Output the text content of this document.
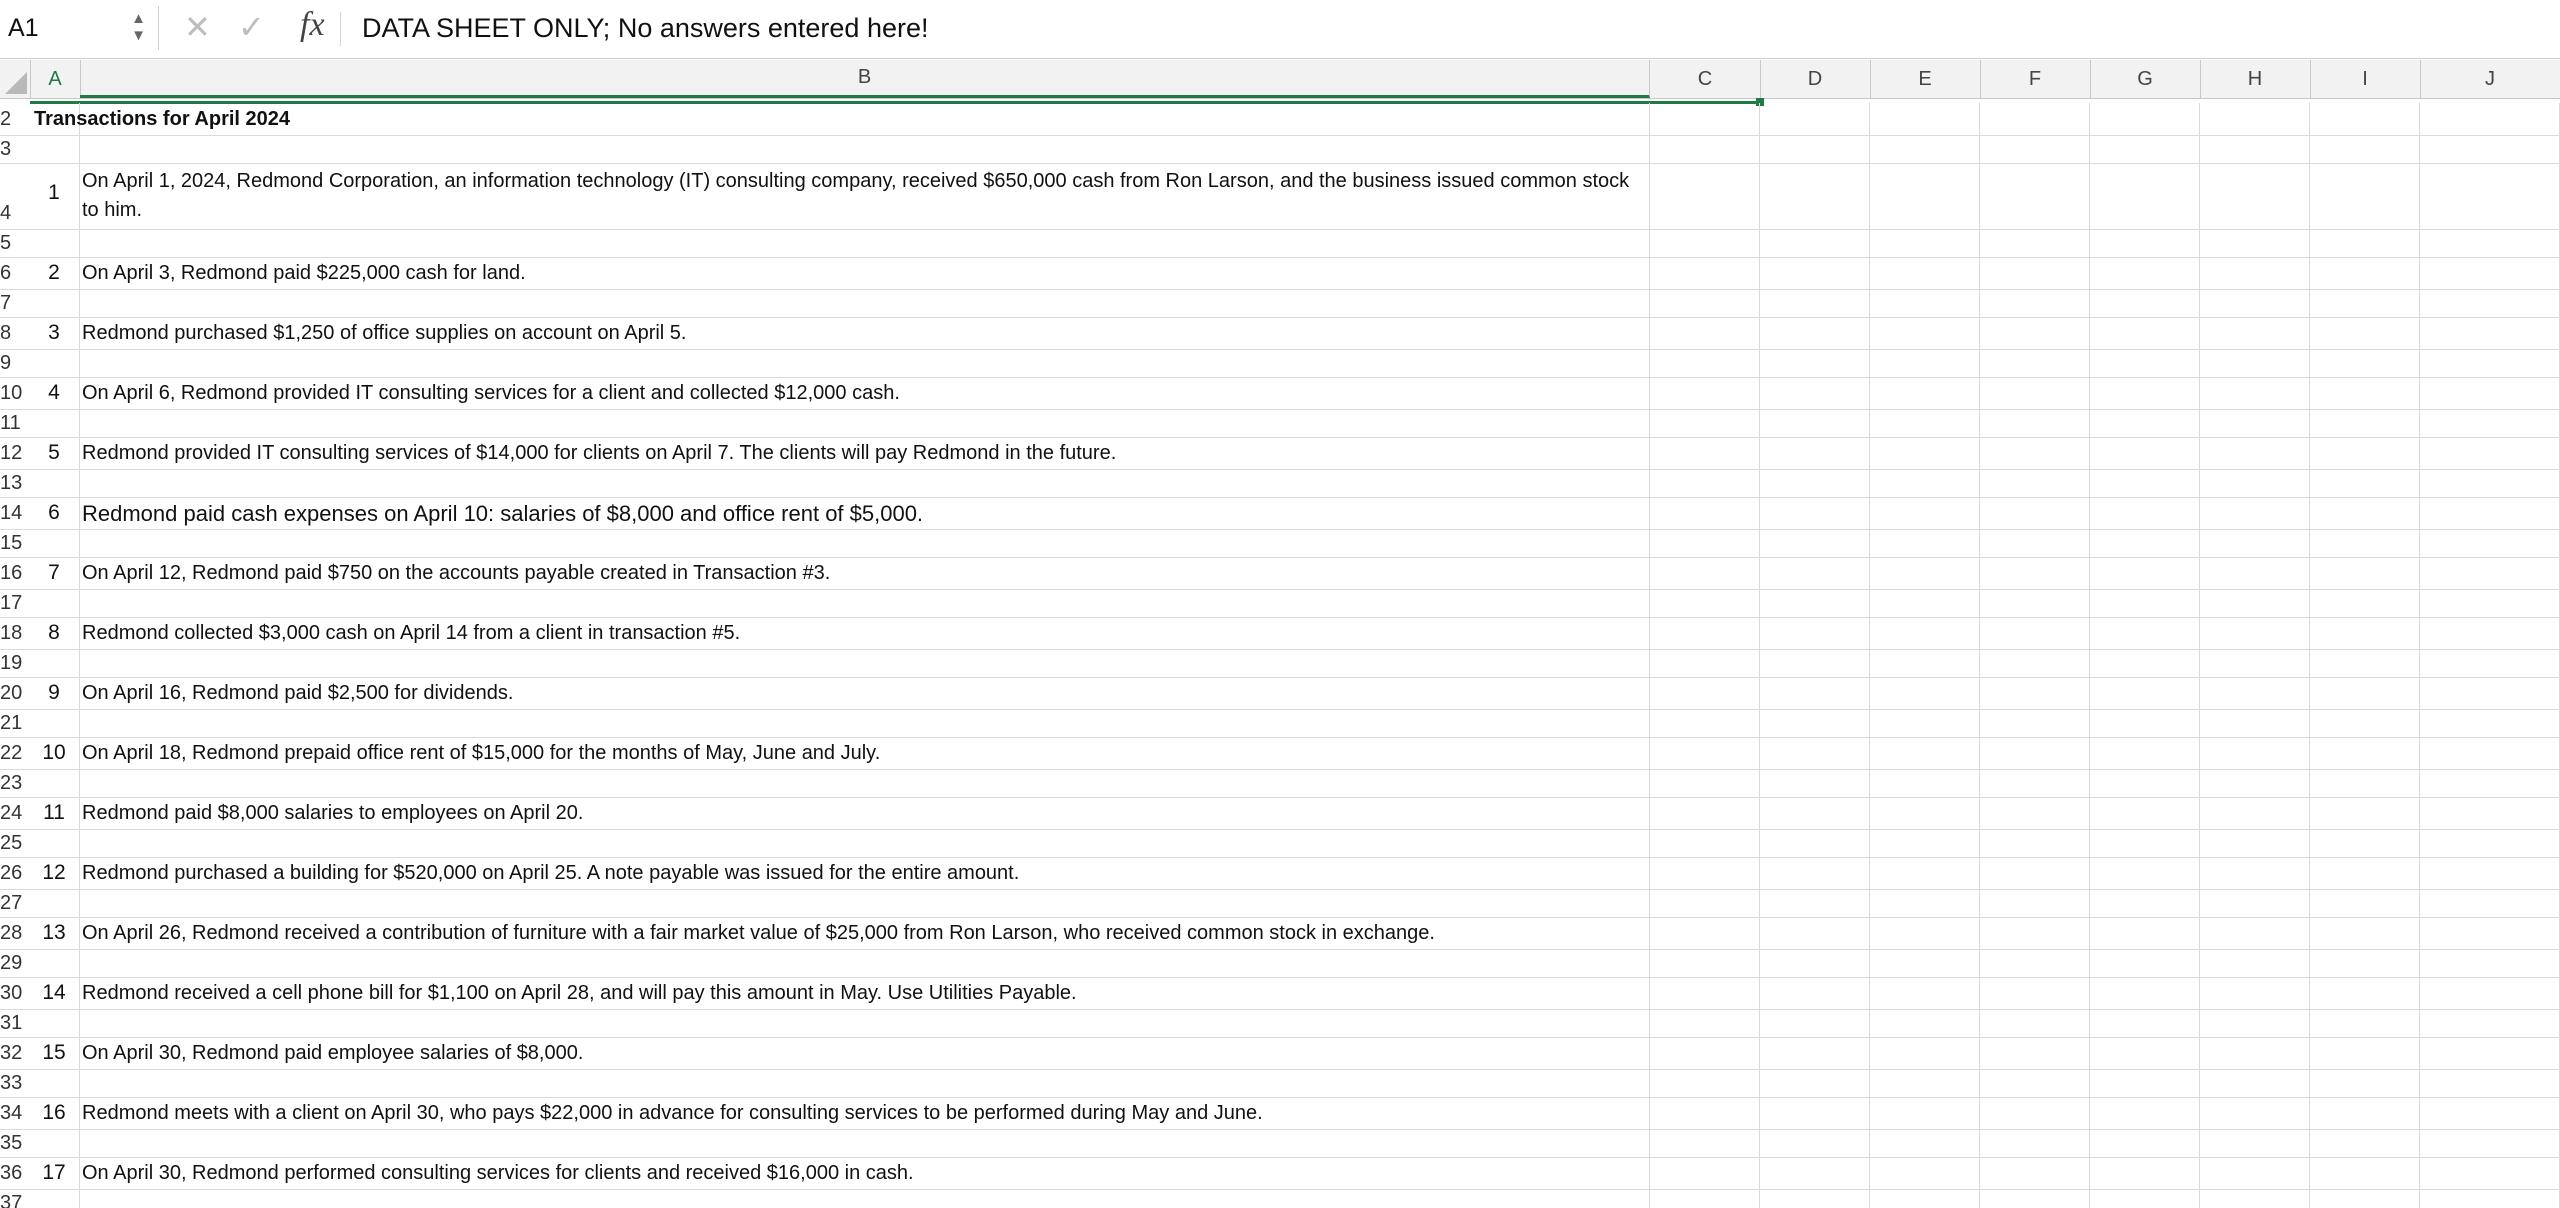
A1	▲
▼ ✕ ✓ fx DATA SHEET ONLY; No answers entered here!
A	B	C	D	E	F	G	H	I	J
2	Transactions for April 2024
3
4
1	On April 1, 2024, Redmond Corporation, an information technology (IT) consulting company, received $650,000 cash from Ron Larson, and the business issued common stock to him.
5
6	2	On April 3, Redmond paid $225,000 cash for land.
7
8	3	Redmond purchased $1,250 of office supplies on account on April 5.
9
10	4	On April 6, Redmond provided IT consulting services for a client and collected $12,000 cash.
11
12	5	Redmond provided IT consulting services of $14,000 for clients on April 7. The clients will pay Redmond in the future.
13
14	6	Redmond paid cash expenses on April 10: salaries of $8,000 and office rent of $5,000.
15
16	7	On April 12, Redmond paid $750 on the accounts payable created in Transaction #3.
17
18	8	Redmond collected $3,000 cash on April 14 from a client in transaction #5.
19
20	9	On April 16, Redmond paid $2,500 for dividends.
21
22 10 On April 18, Redmond prepaid office rent of $15,000 for the months of May, June and July.
23
24 11 Redmond paid $8,000 salaries to employees on April 20.
25
26 12 Redmond purchased a building for $520,000 on April 25. A note payable was issued for the entire amount.
27
28 13 On April 26, Redmond received a contribution of furniture with a fair market value of $25,000 from Ron Larson, who received common stock in exchange.
29
30 14 Redmond received a cell phone bill for $1,100 on April 28, and will pay this amount in May. Use Utilities Payable.
31
32 15 On April 30, Redmond paid employee salaries of $8,000.
33
34 16 Redmond meets with a client on April 30, who pays $22,000 in advance for consulting services to be performed during May and June.
35
36 17 On April 30, Redmond performed consulting services for clients and received $16,000 in cash.
37
